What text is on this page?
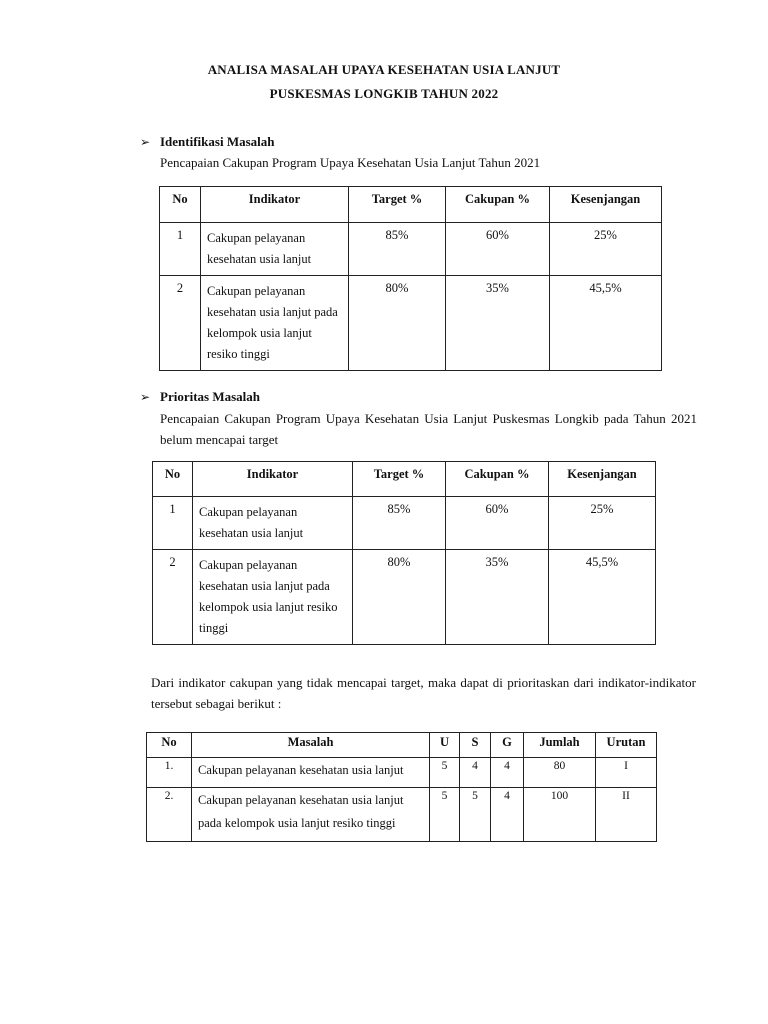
ANALISA MASALAH UPAYA KESEHATAN USIA LANJUT
PUSKESMAS LONGKIB TAHUN 2022
➢ Identifikasi Masalah
Pencapaian Cakupan Program Upaya Kesehatan Usia Lanjut Tahun 2021
No	Indikator	Target %	Cakupan %	Kesenjangan
1	Cakupan pelayanan kesehatan usia lanjut	85%	60%	25%
2	Cakupan pelayanan kesehatan usia lanjut pada kelompok usia lanjut resiko tinggi	80%	35%	45,5%
➢ Prioritas Masalah
Pencapaian Cakupan Program Upaya Kesehatan Usia Lanjut Puskesmas Longkib pada Tahun 2021 belum mencapai target
No	Indikator	Target %	Cakupan %	Kesenjangan
1	Cakupan pelayanan kesehatan usia lanjut	85%	60%	25%
2	Cakupan pelayanan kesehatan usia lanjut pada kelompok usia lanjut resiko tinggi	80%	35%	45,5%
Dari indikator cakupan yang tidak mencapai target, maka dapat di prioritaskan dari indikator-indikator tersebut sebagai berikut :
No	Masalah	U	S	G	Jumlah	Urutan
1.	Cakupan pelayanan kesehatan usia lanjut	5	4	4	80	I
2.	Cakupan pelayanan kesehatan usia lanjut pada kelompok usia lanjut resiko tinggi	5	5	4	100	II
